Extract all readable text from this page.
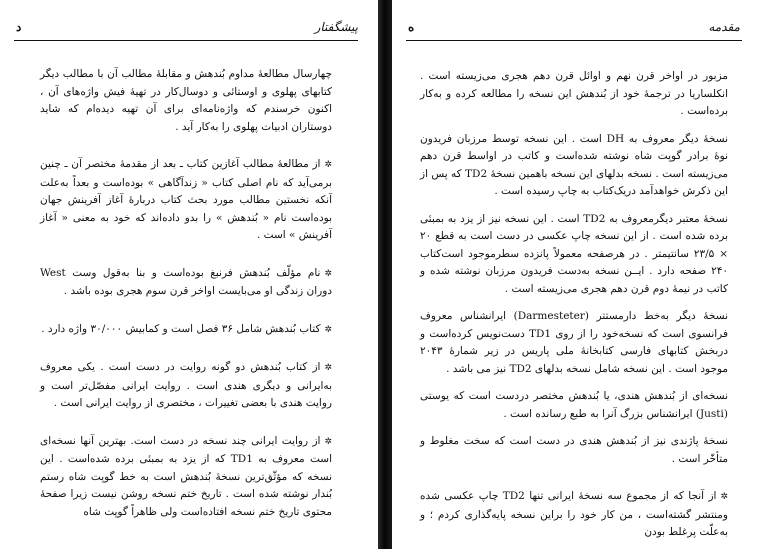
پیشگفتار
د

چهارسال مطالعهٔ مداوم بُندهش و مقابلهٔ مطالب آن با مطالب دیگر کتابهای پهلوی و اوستائی و دوسال‌کار در تهیهٔ فیش واژه‌های آن ، اکنون خرسندم که واژه‌نامه‌ای برای آن تهیه دیده‌ام که شاید دوستاران ادبیات پهلوی را به‌کار آید .

✲از مطالعهٔ مطالب آغازین کتاب ـ بعد از مقدمهٔ مختصر آن ـ چنین برمی‌آید که نام اصلی کتاب « زندآگاهی » بوده‌است و بعداً به‌علت آنکه نخستین مطالب مورد بحث کتاب دربارهٔ آغاز آفرینش جهان بوده‌است نام « بُندهش » را بدو داده‌اند که خود به معنی « آغاز آفرینش » است .

✲نام مؤلّف بُندهش فرنبغ بوده‌است و بنا به‌قول وست West دوران زندگی او می‌بایست اواخر قرن سوم هجری بوده باشد .

✲کتاب بُندهش شامل ۳۶ فصل است و کمابیش ۳۰/۰۰۰ واژه دارد .

✲از کتاب بُندهش دو گونه روایت در دست است . یکی معروف به‌ایرانی و دیگری هندی است . روایت ایرانی مفصّل‌تر است و روایت هندی با بعضی تغییرات ، مختصری از روایت ایرانی است .

✲از روایت ایرانی چند نسخه در دست است. بهترین آنها نسخه‌ای است معروف به TD1 که از یزد به بمبئی برده شده‌است . این نسخه که مؤثّق‌ترین نسخهٔ بُندهش است به خط گوپت شاه رستم بُندار نوشته شده است . تاریخ ختم نسخه روشن نیست زیرا صفحهٔ محتوی تاریخ ختم نسخه افتاده‌است ولی ظاهراً گوپت شاه

مقدمه
ه

مزبور در اواخر قرن نهم و اوائل قرن دهم هجری می‌زیسته است . انکلساریا در ترجمهٔ خود از بُندهش این نسخه را مطالعه کرده و به‌کار برده‌است .

نسخهٔ دیگر معروف به DH است . این نسخه توسط مرزبان فریدون نوهٔ برادر گوپت شاه نوشته شده‌است و کاتب در اواسط قرن دهم می‌زیسته است . نسخه بدلهای این نسخه باهمین نسخهٔ TD2 که پس از این ذکرش خواهدآمد دریک‌کتاب به چاپ رسیده است .

نسخهٔ معتبر دیگرمعروف به TD2 است . این نسخه نیز از یزد به بمبئی برده شده است . از این نسخه چاپ عکسی در دست است به قطع ۲۰ × ۲۳/۵ سانتیمتر . در هرصفحه معمولاً پانزده سطرموجود است‌کتاب ۲۴۰ صفحه دارد . ایــن نسخه به‌دست فریدون مرزبان نوشته شده و کاتب در نیمهٔ دوم قرن دهم هجری می‌زیسته است .

نسخهٔ دیگر به‌خط دارمستتر (Darmesteter) ایرانشناس معروف فرانسوی است که نسخه‌خود را از روی TD1 دست‌نویس کرده‌است و دربخش کتابهای فارسی کتابخانهٔ ملی پاریس در زیر شمارهٔ ۲۰۴۳ موجود است . این نسخه شامل نسخه بدلهای TD2 نیز می باشد .

نسخه‌ای از بُندهش هندی، یا بُندهش مختصر دردست است که یوستی (Justi) ایرانشناس بزرگ آنرا به طبع رسانده است .

نسخهٔ پاژندی نیز از بُندهش هندی در دست است که سخت مغلوط و متأخّر است .

✲از آنجا که از مجموع سه نسخهٔ ایرانی تنها TD2 چاپ عکسی شده ومنتشر گشته‌است ، من کار خود را براین نسخه پایه‌گذاری کردم ؛ و به‌علّت پرغلط بودن
